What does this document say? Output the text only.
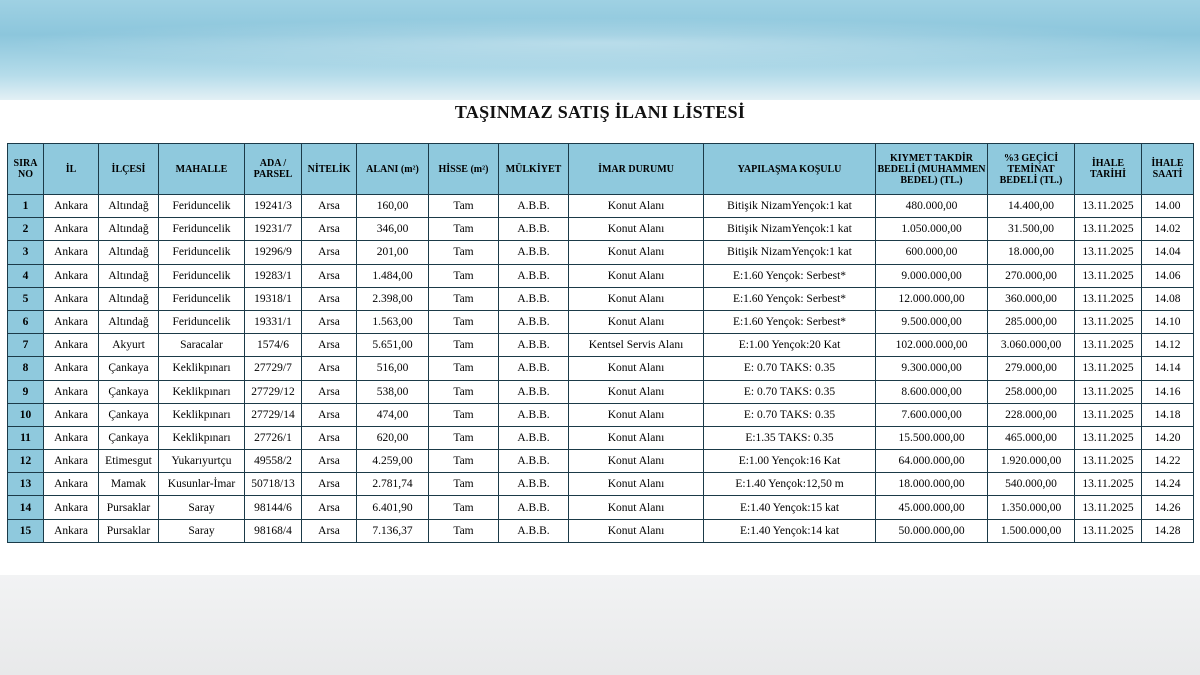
TAŞINMAZ SATIŞ İLANI LİSTESİ
SIRA NO	İL	İLÇESİ	MAHALLE	ADA / PARSEL	NİTELİK	ALANI (m²)	HİSSE (m²)	MÜLKİYET	İMAR DURUMU	YAPILAŞMA KOŞULU	KIYMET TAKDİR BEDELİ (MUHAMMEN BEDEL) (TL.)	%3 GEÇİCİ TEMİNAT BEDELİ (TL.)	İHALE TARİHİ	İHALE SAATİ
1	Ankara	Altındağ	Feriduncelik	19241/3	Arsa	160,00	Tam	A.B.B.	Konut Alanı	Bitişik NizamYençok:1 kat	480.000,00	14.400,00	13.11.2025	14.00
2	Ankara	Altındağ	Feriduncelik	19231/7	Arsa	346,00	Tam	A.B.B.	Konut Alanı	Bitişik NizamYençok:1 kat	1.050.000,00	31.500,00	13.11.2025	14.02
3	Ankara	Altındağ	Feriduncelik	19296/9	Arsa	201,00	Tam	A.B.B.	Konut Alanı	Bitişik NizamYençok:1 kat	600.000,00	18.000,00	13.11.2025	14.04
4	Ankara	Altındağ	Feriduncelik	19283/1	Arsa	1.484,00	Tam	A.B.B.	Konut Alanı	E:1.60 Yençok: Serbest*	9.000.000,00	270.000,00	13.11.2025	14.06
5	Ankara	Altındağ	Feriduncelik	19318/1	Arsa	2.398,00	Tam	A.B.B.	Konut Alanı	E:1.60 Yençok: Serbest*	12.000.000,00	360.000,00	13.11.2025	14.08
6	Ankara	Altındağ	Feriduncelik	19331/1	Arsa	1.563,00	Tam	A.B.B.	Konut Alanı	E:1.60 Yençok: Serbest*	9.500.000,00	285.000,00	13.11.2025	14.10
7	Ankara	Akyurt	Saracalar	1574/6	Arsa	5.651,00	Tam	A.B.B.	Kentsel Servis Alanı	E:1.00 Yençok:20 Kat	102.000.000,00	3.060.000,00	13.11.2025	14.12
8	Ankara	Çankaya	Keklikpınarı	27729/7	Arsa	516,00	Tam	A.B.B.	Konut Alanı	E: 0.70 TAKS: 0.35	9.300.000,00	279.000,00	13.11.2025	14.14
9	Ankara	Çankaya	Keklikpınarı	27729/12	Arsa	538,00	Tam	A.B.B.	Konut Alanı	E: 0.70 TAKS: 0.35	8.600.000,00	258.000,00	13.11.2025	14.16
10	Ankara	Çankaya	Keklikpınarı	27729/14	Arsa	474,00	Tam	A.B.B.	Konut Alanı	E: 0.70 TAKS: 0.35	7.600.000,00	228.000,00	13.11.2025	14.18
11	Ankara	Çankaya	Keklikpınarı	27726/1	Arsa	620,00	Tam	A.B.B.	Konut Alanı	E:1.35 TAKS: 0.35	15.500.000,00	465.000,00	13.11.2025	14.20
12	Ankara	Etimesgut	Yukarıyurtçu	49558/2	Arsa	4.259,00	Tam	A.B.B.	Konut Alanı	E:1.00 Yençok:16 Kat	64.000.000,00	1.920.000,00	13.11.2025	14.22
13	Ankara	Mamak	Kusunlar-İmar	50718/13	Arsa	2.781,74	Tam	A.B.B.	Konut Alanı	E:1.40 Yençok:12,50 m	18.000.000,00	540.000,00	13.11.2025	14.24
14	Ankara	Pursaklar	Saray	98144/6	Arsa	6.401,90	Tam	A.B.B.	Konut Alanı	E:1.40 Yençok:15 kat	45.000.000,00	1.350.000,00	13.11.2025	14.26
15	Ankara	Pursaklar	Saray	98168/4	Arsa	7.136,37	Tam	A.B.B.	Konut Alanı	E:1.40 Yençok:14 kat	50.000.000,00	1.500.000,00	13.11.2025	14.28
